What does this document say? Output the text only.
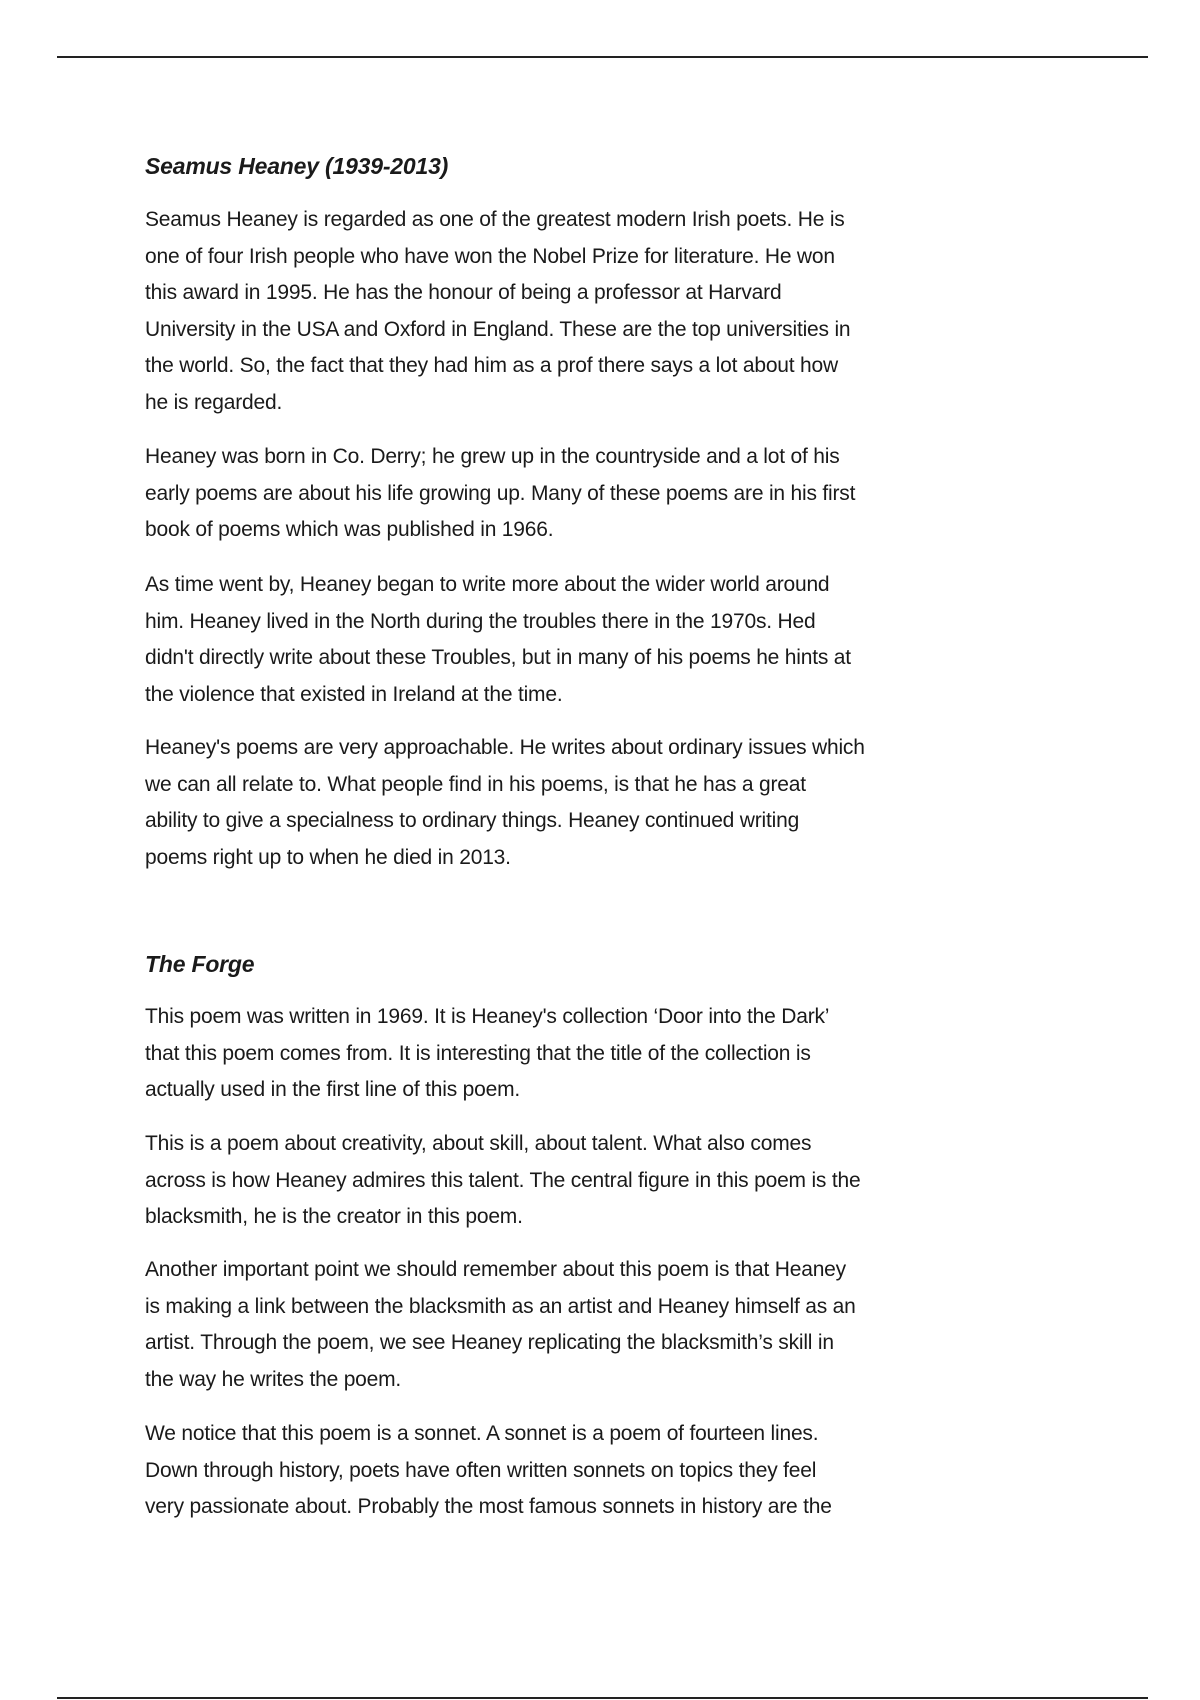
Seamus Heaney (1939-2013)
Seamus Heaney is regarded as one of the greatest modern Irish poets. He is
one of four Irish people who have won the Nobel Prize for literature. He won
this award in 1995. He has the honour of being a professor at Harvard
University in the USA and Oxford in England. These are the top universities in
the world. So, the fact that they had him as a prof there says a lot about how
he is regarded.
Heaney was born in Co. Derry; he grew up in the countryside and a lot of his
early poems are about his life growing up. Many of these poems are in his first
book of poems which was published in 1966.
As time went by, Heaney began to write more about the wider world around
him. Heaney lived in the North during the troubles there in the 1970s. Hed
didn't directly write about these Troubles, but in many of his poems he hints at
the violence that existed in Ireland at the time.
Heaney's poems are very approachable. He writes about ordinary issues which
we can all relate to. What people find in his poems, is that he has a great
ability to give a specialness to ordinary things. Heaney continued writing
poems right up to when he died in 2013.
The Forge
This poem was written in 1969. It is Heaney's collection ‘Door into the Dark’
that this poem comes from. It is interesting that the title of the collection is
actually used in the first line of this poem.
This is a poem about creativity, about skill, about talent. What also comes
across is how Heaney admires this talent. The central figure in this poem is the
blacksmith, he is the creator in this poem.
Another important point we should remember about this poem is that Heaney
is making a link between the blacksmith as an artist and Heaney himself as an
artist. Through the poem, we see Heaney replicating the blacksmith’s skill in
the way he writes the poem.
We notice that this poem is a sonnet. A sonnet is a poem of fourteen lines.
Down through history, poets have often written sonnets on topics they feel
very passionate about. Probably the most famous sonnets in history are the
